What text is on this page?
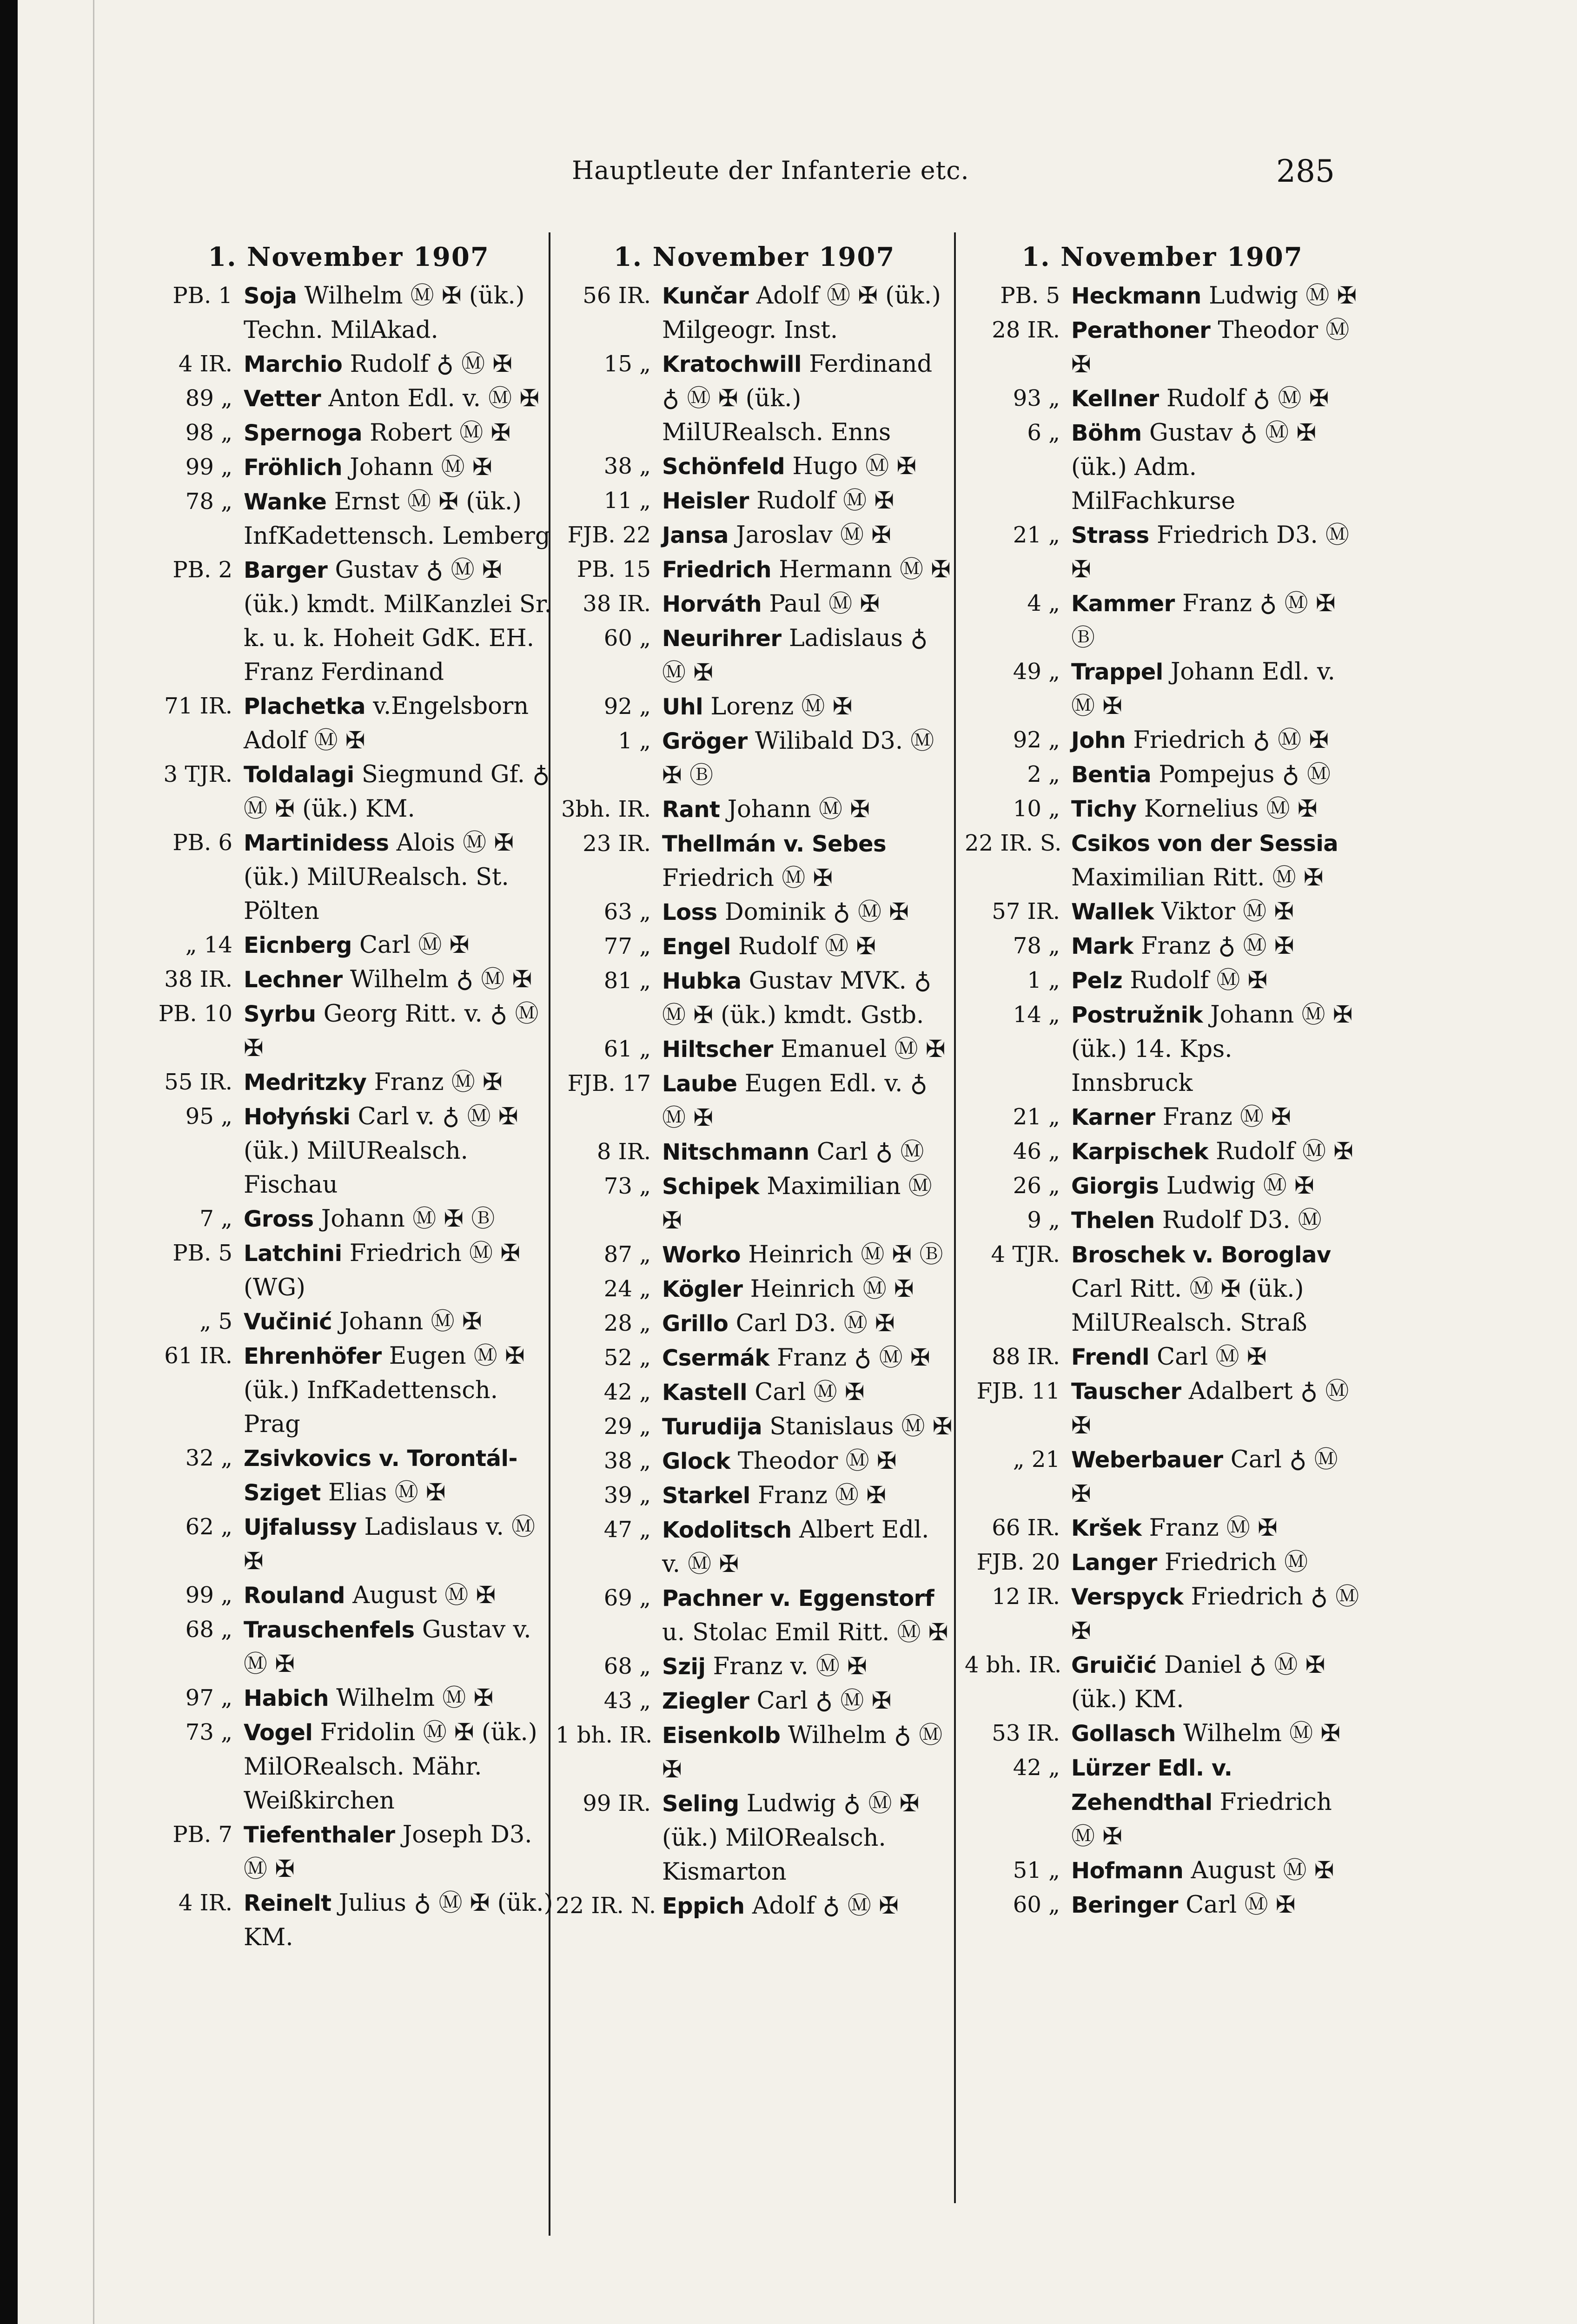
Hauptleute der Infanterie etc.	285
1. November 1907
PB. 1 Soja Wilhelm Ⓜ ✠ (ük.) Techn. MilAkad.
4 IR. Marchio Rudolf ♁ Ⓜ ✠
89 „ Vetter Anton Edl. v. Ⓜ ✠
98 „ Spernoga Robert Ⓜ ✠
99 „ Fröhlich Johann Ⓜ ✠
78 „ Wanke Ernst Ⓜ ✠ (ük.) InfKadettensch. Lemberg
PB. 2 Barger Gustav ♁ Ⓜ ✠ (ük.) kmdt. MilKanzlei Sr. k. u. k. Hoheit GdK. EH. Franz Ferdinand
71 IR. Plachetka v.Engelsborn Adolf Ⓜ ✠
3 TJR. Toldalagi Siegmund Gf. ♁ Ⓜ ✠ (ük.) KM.
PB. 6 Martinidess Alois Ⓜ ✠ (ük.) MilURealsch. St. Pölten
„ 14 Eicnberg Carl Ⓜ ✠
38 IR. Lechner Wilhelm ♁ Ⓜ ✠
PB. 10 Syrbu Georg Ritt. v. ♁ Ⓜ ✠
55 IR. Medritzky Franz Ⓜ ✠
95 „ Hołyński Carl v. ♁ Ⓜ ✠ (ük.) MilURealsch. Fischau
7 „ Gross Johann Ⓜ ✠ Ⓑ
PB. 5 Latchini Friedrich Ⓜ ✠ (WG)
„ 5 Vučinić Johann Ⓜ ✠
61 IR. Ehrenhöfer Eugen Ⓜ ✠ (ük.) InfKadettensch. Prag
32 „ Zsivkovics v. Torontál-Sziget Elias Ⓜ ✠
62 „ Ujfalussy Ladislaus v. Ⓜ ✠
99 „ Rouland August Ⓜ ✠
68 „ Trauschenfels Gustav v. Ⓜ ✠
97 „ Habich Wilhelm Ⓜ ✠
73 „ Vogel Fridolin Ⓜ ✠ (ük.) MilORealsch. Mähr. Weißkirchen
PB. 7 Tiefenthaler Joseph D3. Ⓜ ✠
4 IR. Reinelt Julius ♁ Ⓜ ✠ (ük.) KM.
1. November 1907
56 IR. Kunčar Adolf Ⓜ ✠ (ük.) Milgeogr. Inst.
15 „ Kratochwill Ferdinand ♁ Ⓜ ✠ (ük.) MilURealsch. Enns
38 „ Schönfeld Hugo Ⓜ ✠
11 „ Heisler Rudolf Ⓜ ✠
FJB. 22 Jansa Jaroslav Ⓜ ✠
PB. 15 Friedrich Hermann Ⓜ ✠
38 IR. Horváth Paul Ⓜ ✠
60 „ Neurihrer Ladislaus ♁ Ⓜ ✠
92 „ Uhl Lorenz Ⓜ ✠
1 „ Gröger Wilibald D3. Ⓜ ✠ Ⓑ
3bh. IR. Rant Johann Ⓜ ✠
23 IR. Thellmán v. Sebes Friedrich Ⓜ ✠
63 „ Loss Dominik ♁ Ⓜ ✠
77 „ Engel Rudolf Ⓜ ✠
81 „ Hubka Gustav MVK. ♁ Ⓜ ✠ (ük.) kmdt. Gstb.
61 „ Hiltscher Emanuel Ⓜ ✠
FJB. 17 Laube Eugen Edl. v. ♁ Ⓜ ✠
8 IR. Nitschmann Carl ♁ Ⓜ
73 „ Schipek Maximilian Ⓜ ✠
87 „ Worko Heinrich Ⓜ ✠ Ⓑ
24 „ Kögler Heinrich Ⓜ ✠
28 „ Grillo Carl D3. Ⓜ ✠
52 „ Csermák Franz ♁ Ⓜ ✠
42 „ Kastell Carl Ⓜ ✠
29 „ Turudija Stanislaus Ⓜ ✠
38 „ Glock Theodor Ⓜ ✠
39 „ Starkel Franz Ⓜ ✠
47 „ Kodolitsch Albert Edl. v. Ⓜ ✠
69 „ Pachner v. Eggenstorf u. Stolac Emil Ritt. Ⓜ ✠
68 „ Szij Franz v. Ⓜ ✠
43 „ Ziegler Carl ♁ Ⓜ ✠
1 bh. IR. Eisenkolb Wilhelm ♁ Ⓜ ✠
99 IR. Seling Ludwig ♁ Ⓜ ✠ (ük.) MilORealsch. Kismarton
22 IR. N. Eppich Adolf ♁ Ⓜ ✠
1. November 1907
PB. 5 Heckmann Ludwig Ⓜ ✠
28 IR. Perathoner Theodor Ⓜ ✠
93 „ Kellner Rudolf ♁ Ⓜ ✠
6 „ Böhm Gustav ♁ Ⓜ ✠ (ük.) Adm. MilFachkurse
21 „ Strass Friedrich D3. Ⓜ ✠
4 „ Kammer Franz ♁ Ⓜ ✠ Ⓑ
49 „ Trappel Johann Edl. v. Ⓜ ✠
92 „ John Friedrich ♁ Ⓜ ✠
2 „ Bentia Pompejus ♁ Ⓜ
10 „ Tichy Kornelius Ⓜ ✠
22 IR. S. Csikos von der Sessia Maximilian Ritt. Ⓜ ✠
57 IR. Wallek Viktor Ⓜ ✠
78 „ Mark Franz ♁ Ⓜ ✠
1 „ Pelz Rudolf Ⓜ ✠
14 „ Postružnik Johann Ⓜ ✠ (ük.) 14. Kps. Innsbruck
21 „ Karner Franz Ⓜ ✠
46 „ Karpischek Rudolf Ⓜ ✠
26 „ Giorgis Ludwig Ⓜ ✠
9 „ Thelen Rudolf D3. Ⓜ
4 TJR. Broschek v. Boroglav Carl Ritt. Ⓜ ✠ (ük.) MilURealsch. Straß
88 IR. Frendl Carl Ⓜ ✠
FJB. 11 Tauscher Adalbert ♁ Ⓜ ✠
„ 21 Weberbauer Carl ♁ Ⓜ ✠
66 IR. Kršek Franz Ⓜ ✠
FJB. 20 Langer Friedrich Ⓜ
12 IR. Verspyck Friedrich ♁ Ⓜ ✠
4 bh. IR. Gruičić Daniel ♁ Ⓜ ✠ (ük.) KM.
53 IR. Gollasch Wilhelm Ⓜ ✠
42 „ Lürzer Edl. v. Zehendthal Friedrich Ⓜ ✠
51 „ Hofmann August Ⓜ ✠
60 „ Beringer Carl Ⓜ ✠
